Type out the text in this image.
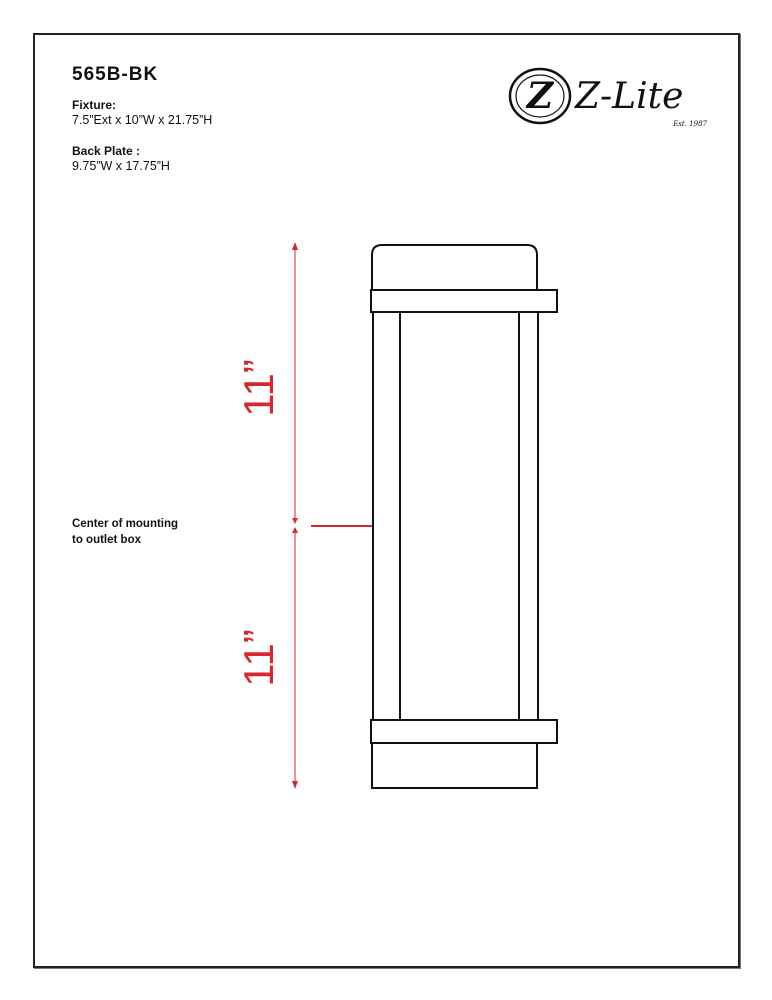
565B-BK
Fixture:
7.5”Ext x 10”W x 21.75”H
Back Plate :
9.75”W x 17.75”H
Center of mounting
to outlet box
Z Z-Lite
Est. 1987
11”
11”
